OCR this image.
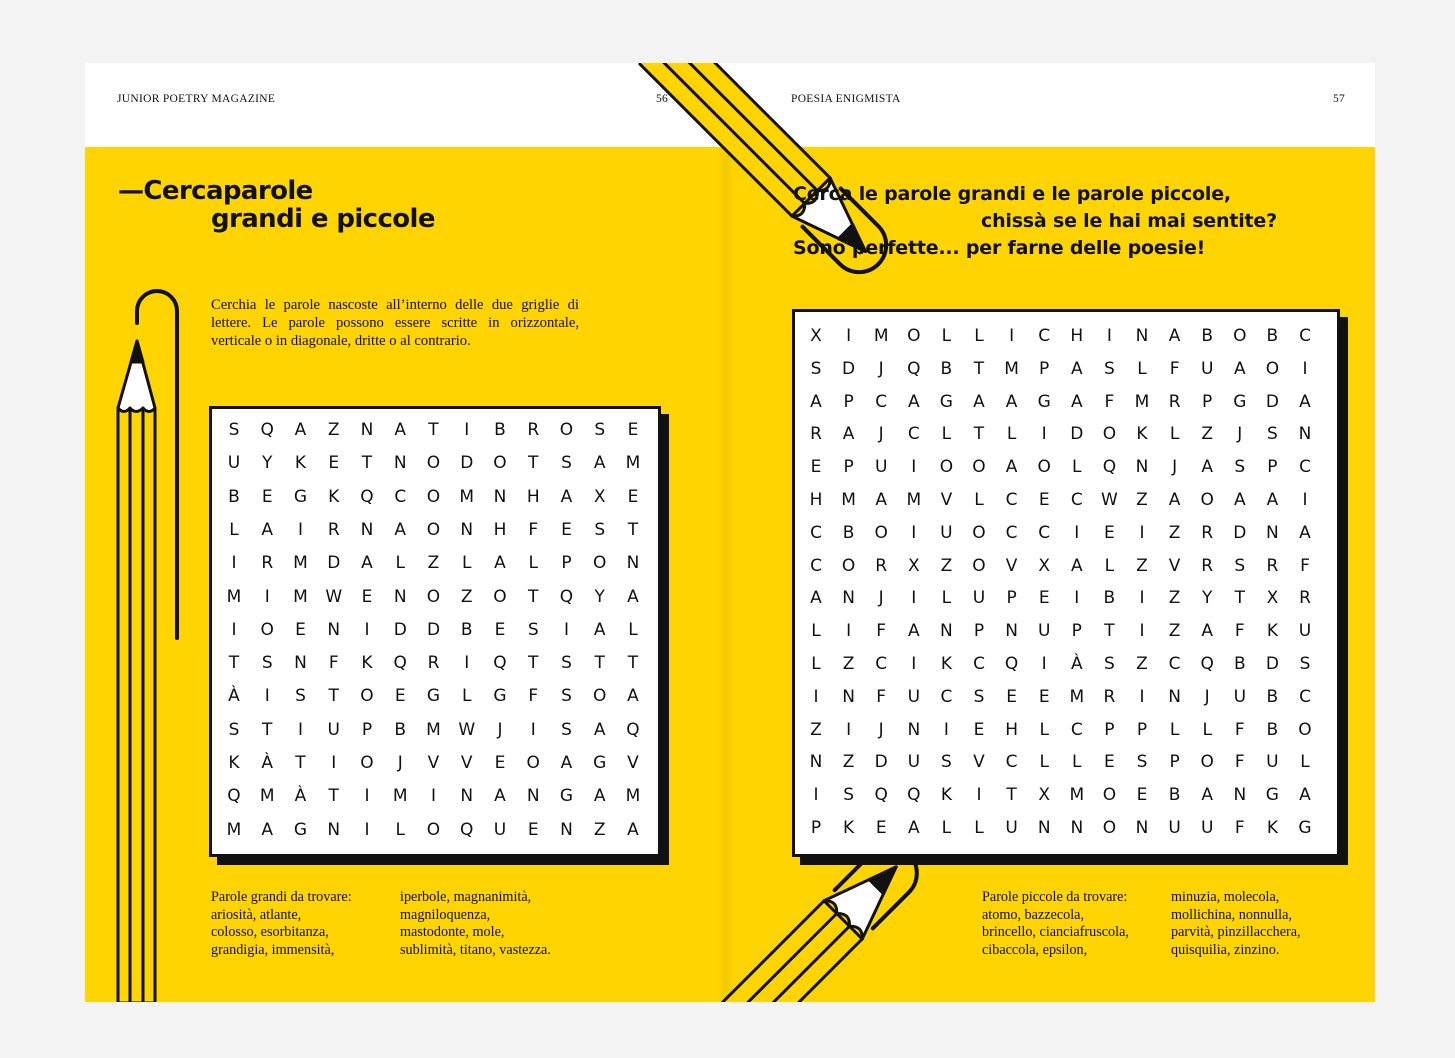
JUNIOR POETRY MAGAZINE	56	POESIA ENIGMISTA	57
—Cercaparole
grandi e piccole

Cerchia le parole nascoste all’interno delle due griglie di lettere. Le parole possono essere scritte in orizzontale, verticale o in diagonale, dritte o al contrario.

S	Q	A	Z	N	A	T	I	B	R	O	S	E
U	Y	K	E	T	N	O	D	O	T	S	A	M
B	E	G	K	Q	C	O	M	N	H	A	X	E
L	A	I	R	N	A	O	N	H	F	E	S	T
I	R	M	D	A	L	Z	L	A	L	P	O	N
M	I	M	W	E	N	O	Z	O	T	Q	Y	A
I	O	E	N	I	D	D	B	E	S	I	A	L
T	S	N	F	K	Q	R	I	Q	T	S	T	T
À	I	S	T	O	E	G	L	G	F	S	O	A
S	T	I	U	P	B	M	W	J	I	S	A	Q
K	À	T	I	O	J	V	V	E	O	A	G	V
Q	M	À	T	I	M	I	N	A	N	G	A	M
M	A	G	N	I	L	O	Q	U	E	N	Z	A
Parole grandi da trovare:
ariosità, atlante,
colosso, esorbitanza,
grandigia, immensità,
iperbole, magnanimità,
magniloquenza,
mastodonte, mole,
sublimità, titano, vastezza.
Cerca le parole grandi e le parole piccole,
chissà se le hai mai sentite?
Sono perfette... per farne delle poesie!
X	I	M	O	L	L	I	C	H	I	N	A	B	O	B	C
S	D	J	Q	B	T	M	P	A	S	L	F	U	A	O	I
A	P	C	A	G	A	A	G	A	F	M	R	P	G	D	A
R	A	J	C	L	T	L	I	D	O	K	L	Z	J	S	N
E	P	U	I	O	O	A	O	L	Q	N	J	A	S	P	C
H	M	A	M	V	L	C	E	C	W	Z	A	O	A	A	I
C	B	O	I	U	O	C	C	I	E	I	Z	R	D	N	A
C	O	R	X	Z	O	V	X	A	L	Z	V	R	S	R	F
A	N	J	I	L	U	P	E	I	B	I	Z	Y	T	X	R
L	I	F	A	N	P	N	U	P	T	I	Z	A	F	K	U
L	Z	C	I	K	C	Q	I	À	S	Z	C	Q	B	D	S
I	N	F	U	C	S	E	E	M	R	I	N	J	U	B	C
Z	I	J	N	I	E	H	L	C	P	P	L	L	F	B	O
N	Z	D	U	S	V	C	L	L	E	S	P	O	F	U	L
I	S	Q	Q	K	I	T	X	M	O	E	B	A	N	G	A
P	K	E	A	L	L	U	N	N	O	N	U	U	F	K	G
Parole piccole da trovare:
atomo, bazzecola,
brincello, cianciafruscola,
cibaccola, epsilon,
minuzia, molecola,
mollichina, nonnulla,
parvità, pinzillacchera,
quisquilia, zinzino.
